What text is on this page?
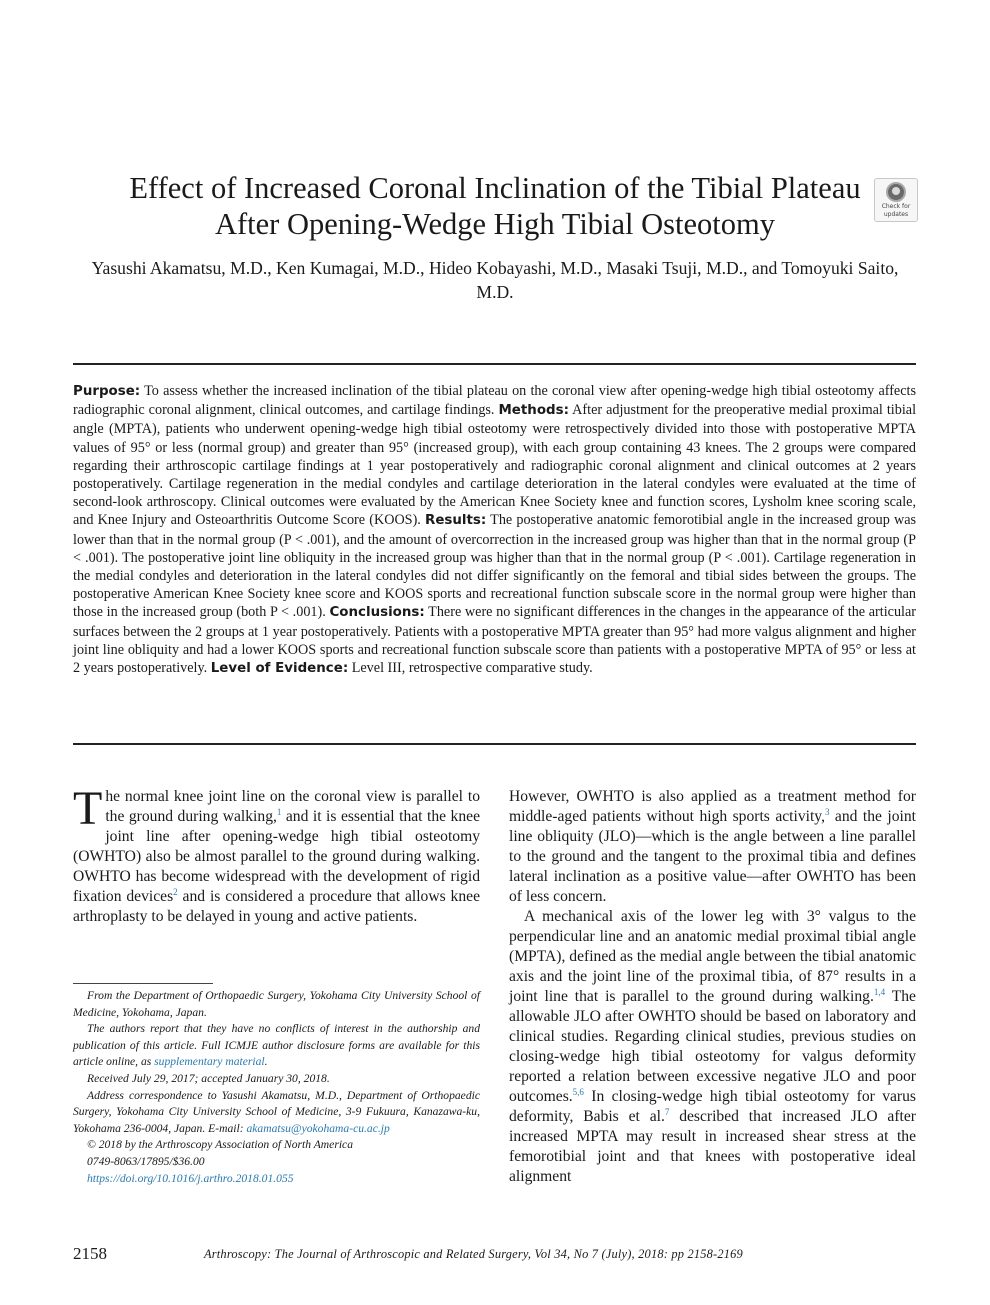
Effect of Increased Coronal Inclination of the Tibial Plateau After Opening-Wedge High Tibial Osteotomy
Check for
updates
Yasushi Akamatsu, M.D., Ken Kumagai, M.D., Hideo Kobayashi, M.D., Masaki Tsuji, M.D., and Tomoyuki Saito, M.D.
Purpose: To assess whether the increased inclination of the tibial plateau on the coronal view after opening-wedge high tibial osteotomy affects radiographic coronal alignment, clinical outcomes, and cartilage findings. Methods: After adjustment for the preoperative medial proximal tibial angle (MPTA), patients who underwent opening-wedge high tibial osteotomy were retrospectively divided into those with postoperative MPTA values of 95° or less (normal group) and greater than 95° (increased group), with each group containing 43 knees. The 2 groups were compared regarding their arthroscopic cartilage findings at 1 year postoperatively and radiographic coronal alignment and clinical outcomes at 2 years postoperatively. Cartilage regeneration in the medial condyles and cartilage deterioration in the lateral condyles were evaluated at the time of second-look arthroscopy. Clinical outcomes were evaluated by the American Knee Society knee and function scores, Lysholm knee scoring scale, and Knee Injury and Osteoarthritis Outcome Score (KOOS). Results: The postoperative anatomic femorotibial angle in the increased group was lower than that in the normal group (P < .001), and the amount of overcorrection in the increased group was higher than that in the normal group (P < .001). The postoperative joint line obliquity in the increased group was higher than that in the normal group (P < .001). Cartilage regeneration in the medial condyles and deterioration in the lateral condyles did not differ significantly on the femoral and tibial sides between the groups. The postoperative American Knee Society knee score and KOOS sports and recreational function subscale score in the normal group were higher than those in the increased group (both P < .001). Conclusions: There were no significant differences in the changes in the appearance of the articular surfaces between the 2 groups at 1 year postoperatively. Patients with a postoperative MPTA greater than 95° had more valgus alignment and higher joint line obliquity and had a lower KOOS sports and recreational function subscale score than patients with a postoperative MPTA of 95° or less at 2 years postoperatively. Level of Evidence: Level III, retrospective comparative study.
The normal knee joint line on the coronal view is parallel to the ground during walking,$^1$ and it is essential that the knee joint line after opening-wedge high tibial osteotomy (OWHTO) also be almost parallel to the ground during walking. OWHTO has become widespread with the development of rigid fixation devices$^2$ and is considered a procedure that allows knee arthroplasty to be delayed in young and active patients.

From the Department of Orthopaedic Surgery, Yokohama City University School of Medicine, Yokohama, Japan.

The authors report that they have no conflicts of interest in the authorship and publication of this article. Full ICMJE author disclosure forms are available for this article online, as supplementary material.

Received July 29, 2017; accepted January 30, 2018.

Address correspondence to Yasushi Akamatsu, M.D., Department of Orthopaedic Surgery, Yokohama City University School of Medicine, 3-9 Fukuura, Kanazawa-ku, Yokohama 236-0004, Japan. E-mail: akamatsu@yokohama-cu.ac.jp

© 2018 by the Arthroscopy Association of North America

0749-8063/17895/$36.00

https://doi.org/10.1016/j.arthro.2018.01.055

However, OWHTO is also applied as a treatment method for middle-aged patients without high sports activity,$^3$ and the joint line obliquity (JLO)—which is the angle between a line parallel to the ground and the tangent to the proximal tibia and defines lateral inclination as a positive value—after OWHTO has been of less concern.

A mechanical axis of the lower leg with 3° valgus to the perpendicular line and an anatomic medial proximal tibial angle (MPTA), defined as the medial angle between the tibial anatomic axis and the joint line of the proximal tibia, of 87° results in a joint line that is parallel to the ground during walking.$^{1,4}$ The allowable JLO after OWHTO should be based on laboratory and clinical studies. Regarding clinical studies, previous studies on closing-wedge high tibial osteotomy for valgus deformity reported a relation between excessive negative JLO and poor outcomes.$^{5,6}$ In closing-wedge high tibial osteotomy for varus deformity, Babis et al.$^7$ described that increased JLO after increased MPTA may result in increased shear stress at the femorotibial joint and that knees with postoperative ideal alignment

2158	Arthroscopy: The Journal of Arthroscopic and Related Surgery, Vol 34, No 7 (July), 2018: pp 2158-2169
